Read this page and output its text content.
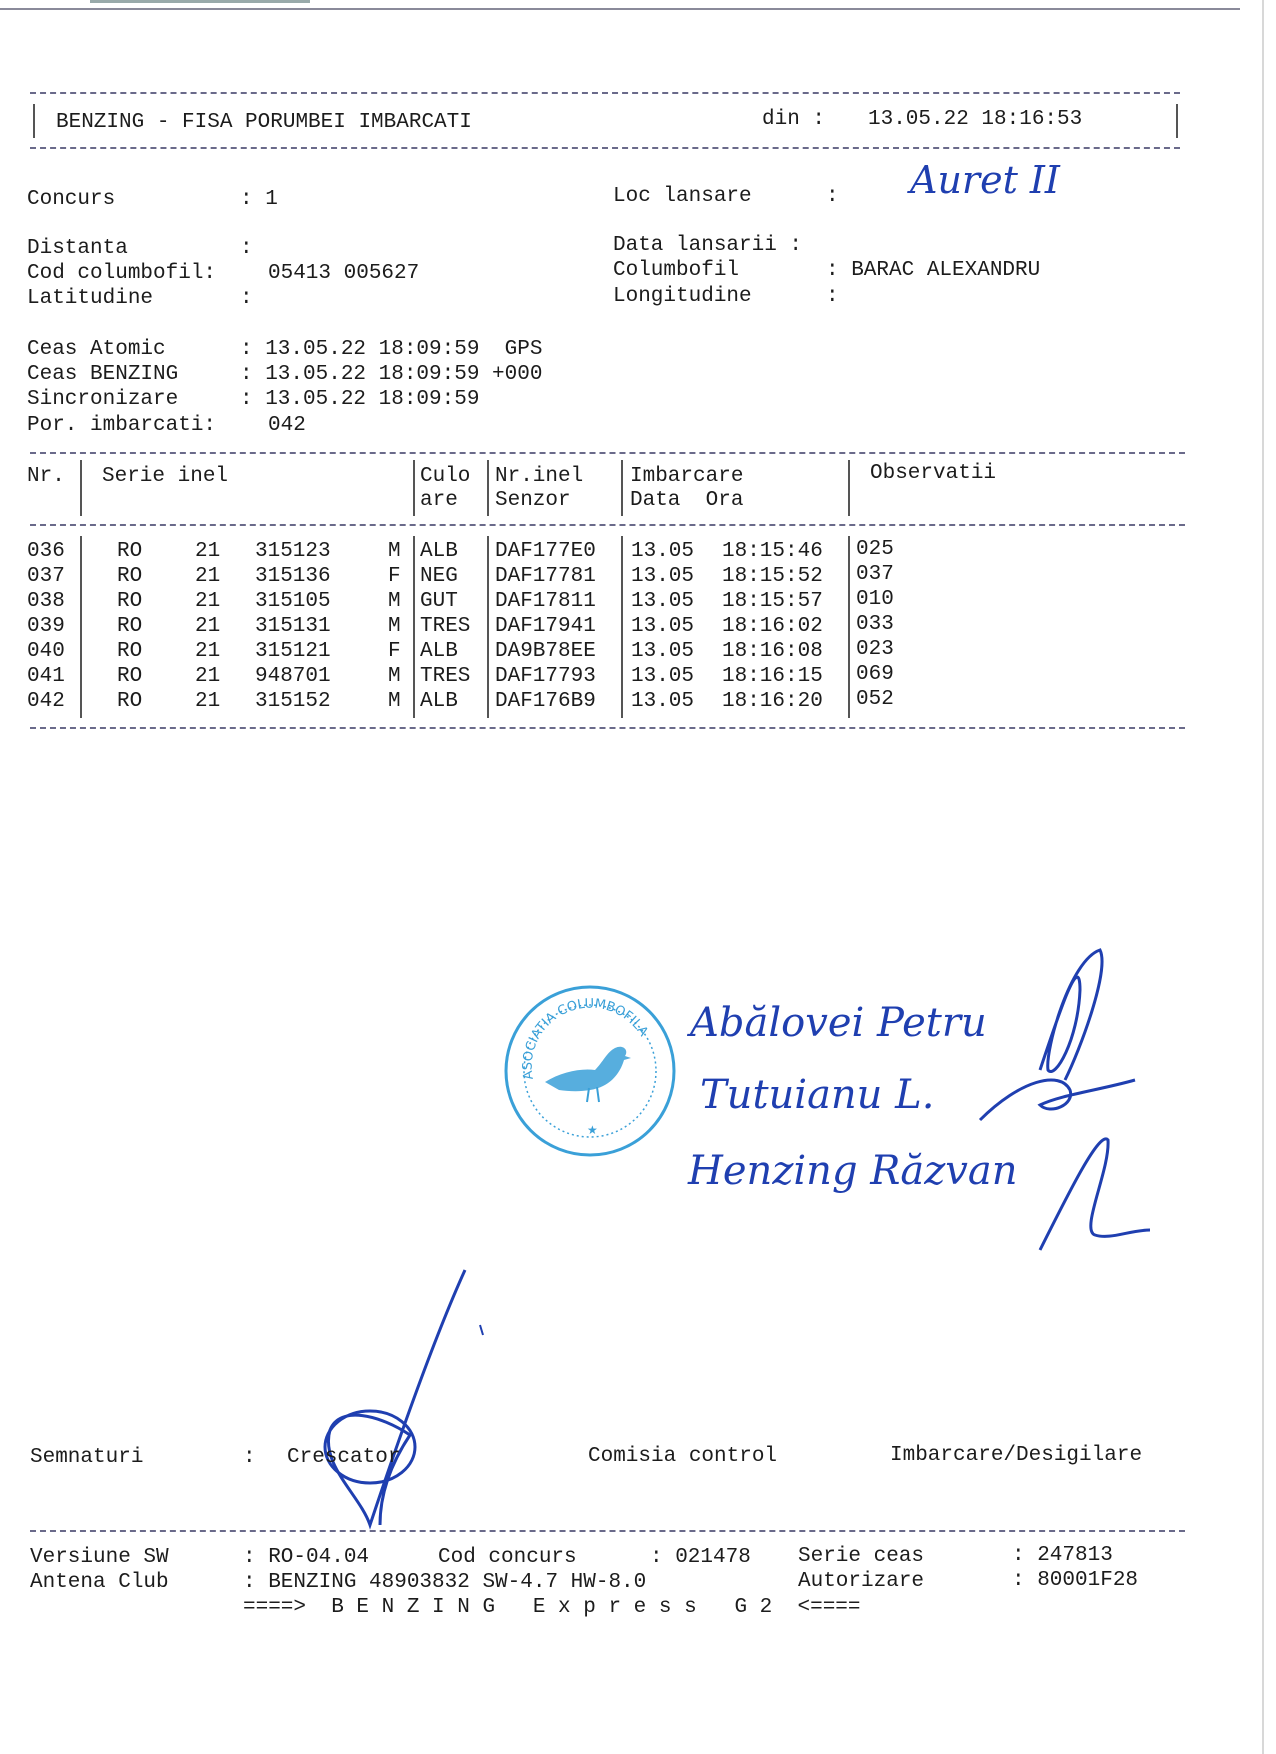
BENZING - FISA PORUMBEI IMBARCATI	din : 13.05.22 18:16:53
Concurs	: 1	Loc lansare	: Auret II
Distanta	:	Data lansarii :
Cod columbofil: 05413 005627	Columbofil	: BARAC ALEXANDRU
Latitudine	:	Longitudine	:
Ceas Atomic	: 13.05.22 18:09:59  GPS
Ceas BENZING	: 13.05.22 18:09:59 +000
Sincronizare	: 13.05.22 18:09:59
Por. imbarcati: 042
Nr. Serie inel	Culo
are
Nr.inel
Senzor
Imbarcare
Data  Ora
Observatii
036 RO	21 315123	M ALB DAF177E0 13.05 18:15:46 025
037 RO	21 315136	F NEG DAF17781 13.05 18:15:52 037
038 RO	21 315105	M GUT DAF17811 13.05 18:15:57 010
039 RO	21 315131	M TRES DAF17941 13.05 18:16:02 033
040 RO	21 315121	F ALB DA9B78EE 13.05 18:16:08 023
041 RO	21 948701	M TRES DAF17793 13.05 18:16:15 069
042 RO	21 315152	M ALB DAF176B9 13.05 18:16:20 052
ASOCIATIA COLUMBOFILA
★
Abălovei Petru
Tutuianu L.
Henzing Răzvan
Semnaturi	: Crescator	Comisia control	Imbarcare/Desigilare
Versiune SW	: RO-04.04	Cod concurs	: 021478 Serie ceas	: 247813
Antena Club	: BENZING 48903832 SW-4.7 HW-8.0	Autorizare	: 80001F28
====>  B E N Z I N G   E x p r e s s   G 2  <====
